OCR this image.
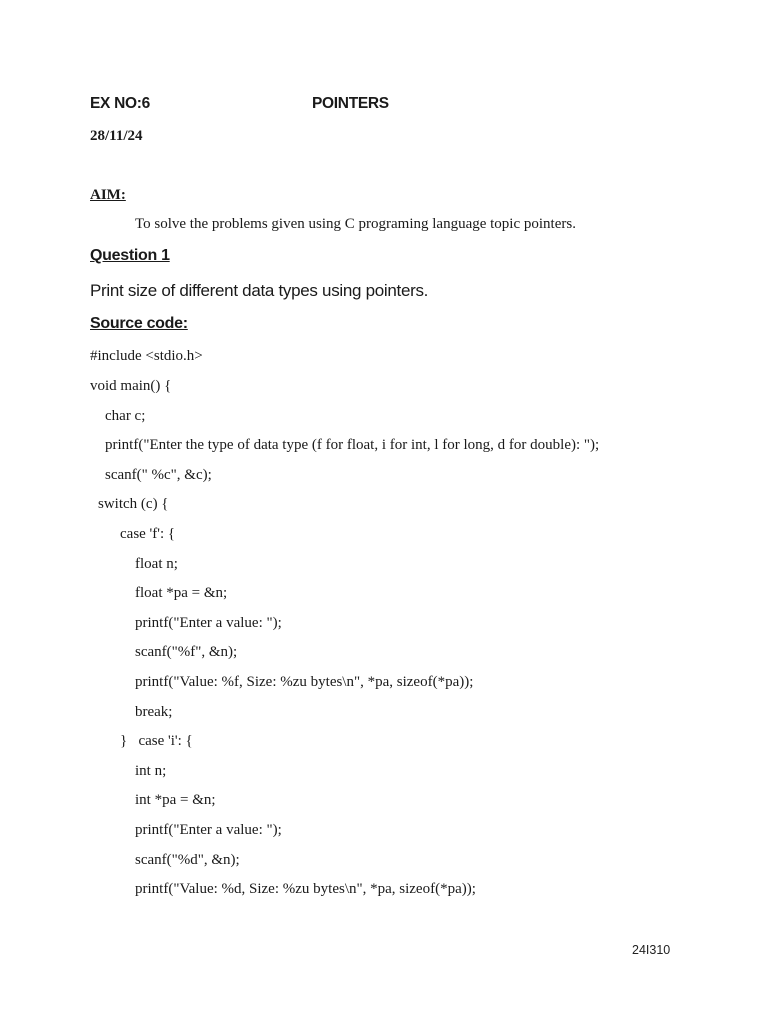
EX NO:6	POINTERS
28/11/24
AIM:
To solve the problems given using C programing language topic pointers.
Question 1
Print size of different data types using pointers.
Source code:
#include <stdio.h>
void main() {
char c;
printf("Enter the type of data type (f for float, i for int, l for long, d for double): ");
scanf(" %c", &c);
switch (c) {
case 'f': {
float n;
float *pa = &n;
printf("Enter a value: ");
scanf("%f", &n);
printf("Value: %f, Size: %zu bytes\n", *pa, sizeof(*pa));
break;
}   case 'i': {
int n;
int *pa = &n;
printf("Enter a value: ");
scanf("%d", &n);
printf("Value: %d, Size: %zu bytes\n", *pa, sizeof(*pa));
24I310
